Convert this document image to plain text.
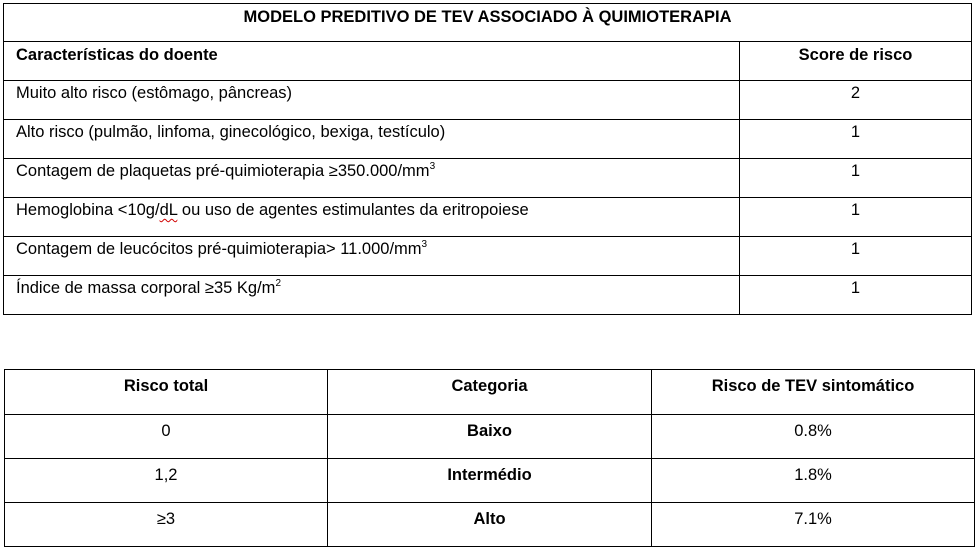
MODELO PREDITIVO DE TEV ASSOCIADO À QUIMIOTERAPIA	
Características do doente	Score de risco
Muito alto risco (estômago, pâncreas)	2
Alto risco (pulmão, linfoma, ginecológico, bexiga, testículo)	1
Contagem de plaquetas pré-quimioterapia $\ge 350.000/mm^3$	1
Hemoglobina <10g/dL ou uso de agentes estimulantes da eritropoiese	1
Contagem de leucócitos pré-quimioterapia> $11.000/mm^3$	1
Índice de massa corporal ≥35 $Kg/m^2$	1
Risco total	Categoria	Risco de TEV sintomático
0	Baixo	0.8%
1,2	Intermédio	1.8%
≥3	Alto	7.1%
